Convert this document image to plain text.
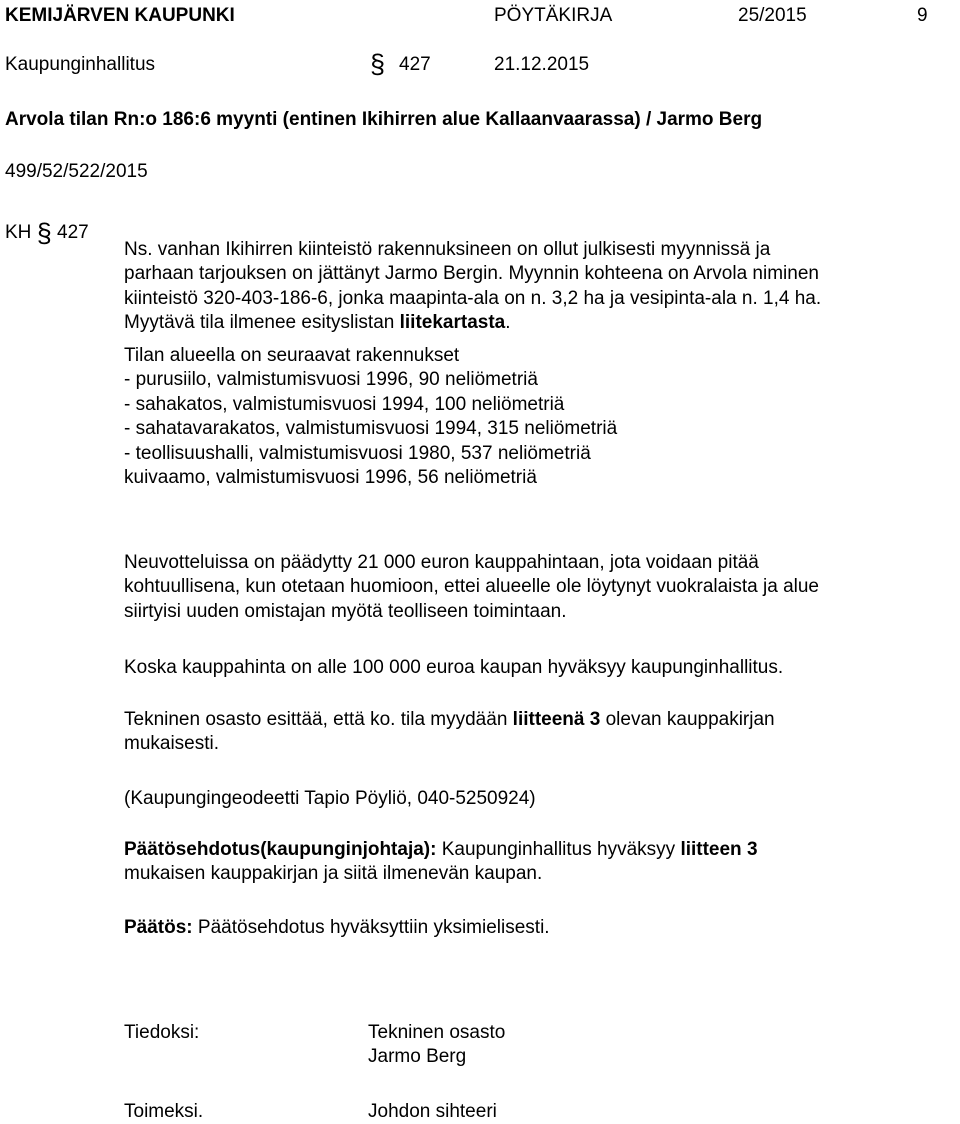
KEMIJÄRVEN KAUPUNKI	PÖYTÄKIRJA	25/2015	9
Kaupunginhallitus	§ 427	21.12.2015
Arvola tilan Rn:o 186:6 myynti (entinen Ikihirren alue Kallaanvaarassa) / Jarmo Berg
499/52/522/2015
KH § 427
Ns. vanhan Ikihirren kiinteistö rakennuksineen on ollut julkisesti myynnissä ja
parhaan tarjouksen on jättänyt Jarmo Bergin. Myynnin kohteena on Arvola niminen
kiinteistö 320-403-186-6, jonka maapinta-ala on n. 3,2 ha ja vesipinta-ala n. 1,4 ha.
Myytävä tila ilmenee esityslistan liitekartasta.
Tilan alueella on seuraavat rakennukset
- purusiilo, valmistumisvuosi 1996, 90 neliömetriä
- sahakatos, valmistumisvuosi 1994, 100 neliömetriä
- sahatavarakatos, valmistumisvuosi 1994, 315 neliömetriä
- teollisuushalli, valmistumisvuosi 1980, 537 neliömetriä
kuivaamo, valmistumisvuosi 1996, 56 neliömetriä
Neuvotteluissa on päädytty 21 000 euron kauppahintaan, jota voidaan pitää
kohtuullisena, kun otetaan huomioon, ettei alueelle ole löytynyt vuokralaista ja alue
siirtyisi uuden omistajan myötä teolliseen toimintaan.
Koska kauppahinta on alle 100 000 euroa kaupan hyväksyy kaupunginhallitus.
Tekninen osasto esittää, että ko. tila myydään liitteenä 3 olevan kauppakirjan
mukaisesti.
(Kaupungingeodeetti Tapio Pöyliö, 040-5250924)
Päätösehdotus(kaupunginjohtaja): Kaupunginhallitus hyväksyy liitteen 3
mukaisen kauppakirjan ja siitä ilmenevän kaupan.
Päätös: Päätösehdotus hyväksyttiin yksimielisesti.
Tiedoksi:	Tekninen osasto
Jarmo Berg
Toimeksi.	Johdon sihteeri
